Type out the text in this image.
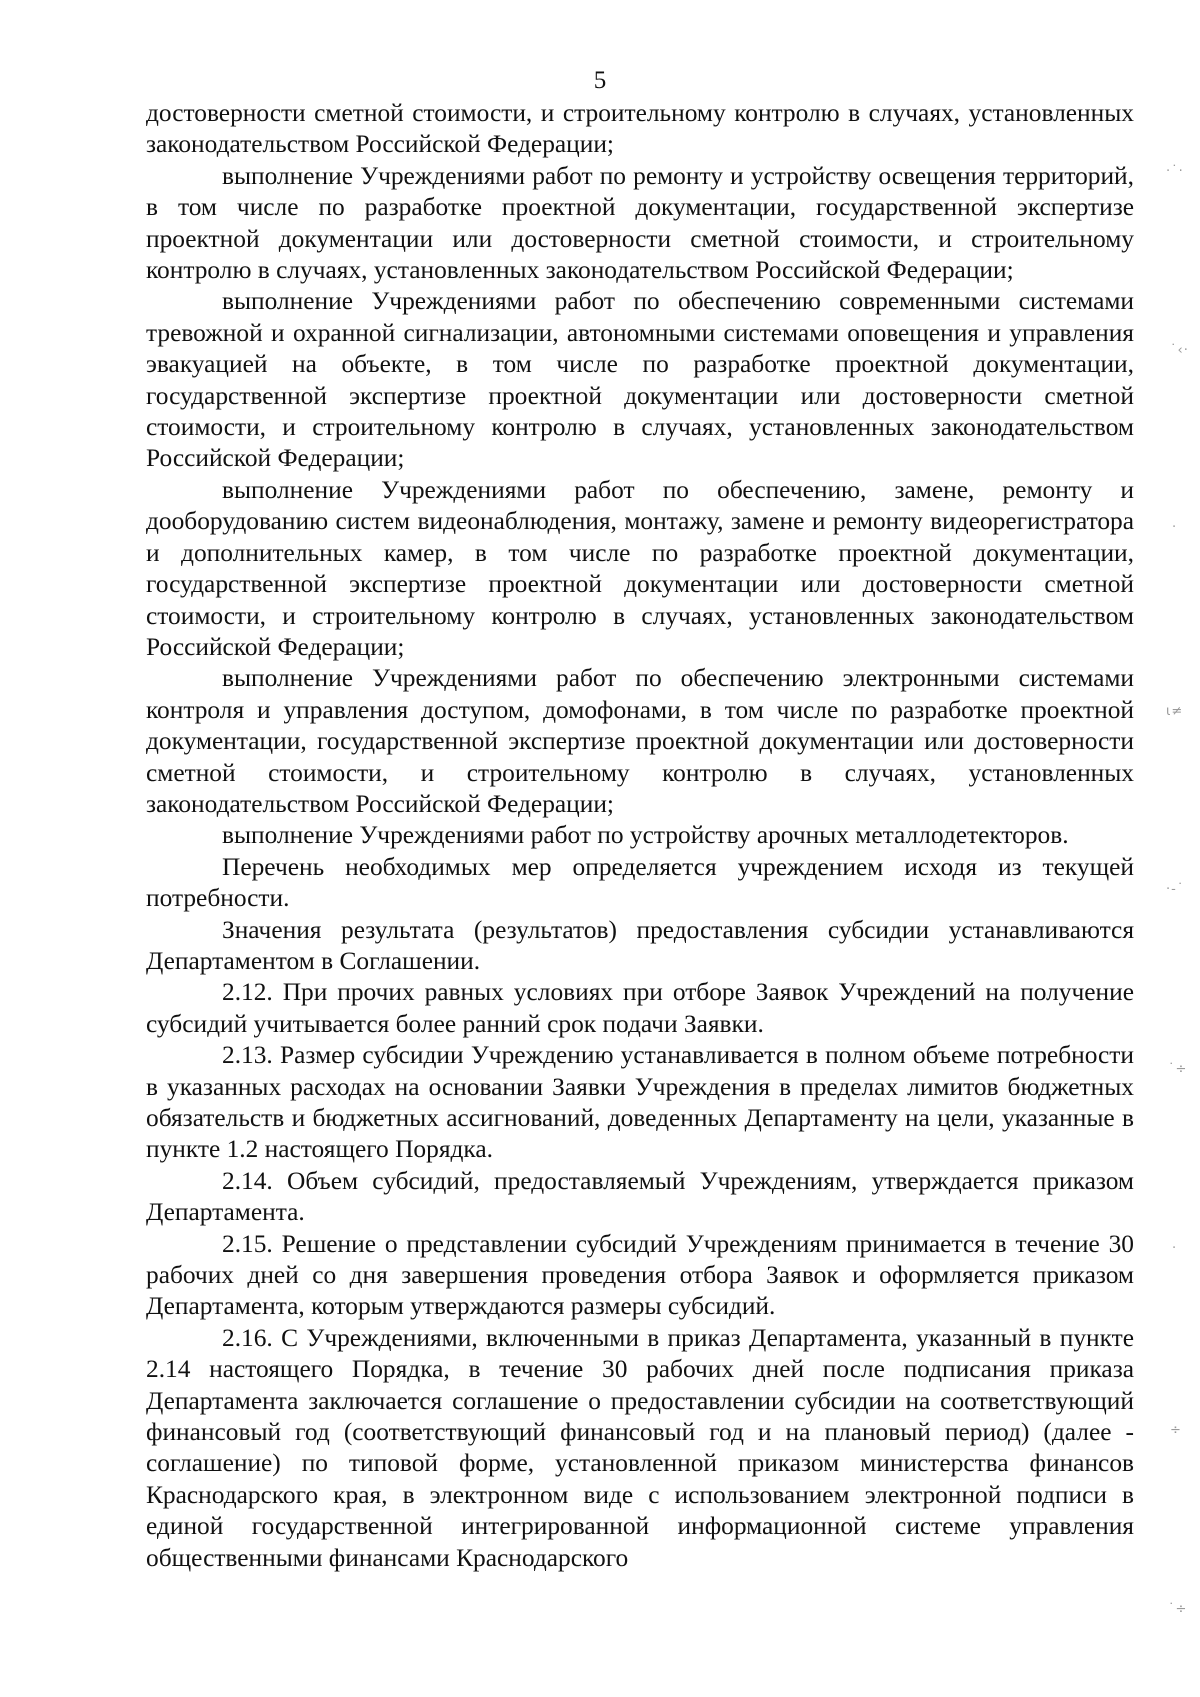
5

достоверности сметной стоимости, и строительному контролю в случаях, установленных законодательством Российской Федерации;

выполнение Учреждениями работ по ремонту и устройству освещения территорий, в том числе по разработке проектной документации, государственной экспертизе проектной документации или достоверности сметной стоимости, и строительному контролю в случаях, установленных законодательством Российской Федерации;

выполнение Учреждениями работ по обеспечению современными системами тревожной и охранной сигнализации, автономными системами оповещения и управления эвакуацией на объекте, в том числе по разработке проектной документации, государственной экспертизе проектной документации или достоверности сметной стоимости, и строительному контролю в случаях, установленных законодательством Российской Федерации;

выполнение Учреждениями работ по обеспечению, замене, ремонту и дооборудованию систем видеонаблюдения, монтажу, замене и ремонту видеорегистратора и дополнительных камер, в том числе по разработке проектной документации, государственной экспертизе проектной документации или достоверности сметной стоимости, и строительному контролю в случаях, установленных законодательством Российской Федерации;

выполнение Учреждениями работ по обеспечению электронными системами контроля и управления доступом, домофонами, в том числе по разработке проектной документации, государственной экспертизе проектной документации или достоверности сметной стоимости, и строительному контролю в случаях, установленных законодательством Российской Федерации;

выполнение Учреждениями работ по устройству арочных металлодетекторов.

Перечень необходимых мер определяется учреждением исходя из текущей потребности.

Значения результата (результатов) предоставления субсидии устанавливаются Департаментом в Соглашении.

2.12. При прочих равных условиях при отборе Заявок Учреждений на получение субсидий учитывается более ранний срок подачи Заявки.

2.13. Размер субсидии Учреждению устанавливается в полном объеме потребности в указанных расходах на основании Заявки Учреждения в пределах лимитов бюджетных обязательств и бюджетных ассигнований, доведенных Департаменту на цели, указанные в пункте 1.2 настоящего Порядка.

2.14. Объем субсидий, предоставляемый Учреждениям, утверждается приказом Департамента.

2.15. Решение о представлении субсидий Учреждениям принимается в течение 30 рабочих дней со дня завершения проведения отбора Заявок и оформляется приказом Департамента, которым утверждаются размеры субсидий.

2.16. С Учреждениями, включенными в приказ Департамента, указанный в пункте 2.14 настоящего Порядка, в течение 30 рабочих дней после подписания приказа Департамента заключается соглашение о предоставлении субсидии на соответствующий финансовый год (соответствующий финансовый год и на плановый период) (далее - соглашение) по типовой форме, установленной приказом министерства финансов Краснодарского края, в электронном виде с использованием электронной подписи в единой государственной интегрированной информационной системе управления общественными финансами Краснодарского

·˙·
˙‹·
·
ι≠
·-˙
˙÷
·
÷
˙÷
